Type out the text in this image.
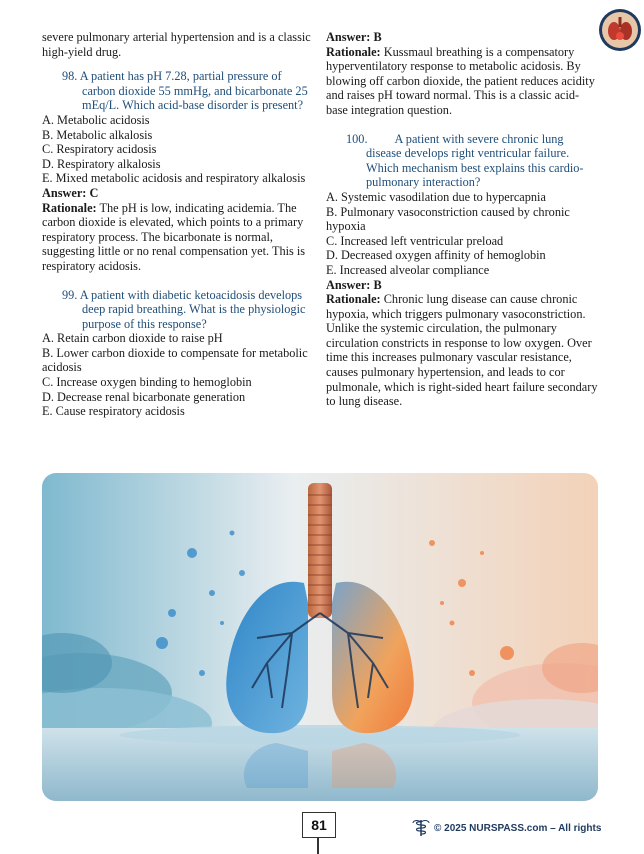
severe pulmonary arterial hypertension and is a classic high-yield drug.

98. A patient has pH 7.28, partial pressure of carbon dioxide 55 mmHg, and bicarbonate 25 mEq/L. Which acid-base disorder is present?

A. Metabolic acidosis

B. Metabolic alkalosis

C. Respiratory acidosis

D. Respiratory alkalosis

E. Mixed metabolic acidosis and respiratory alkalosis

Answer: C

Rationale: The pH is low, indicating acidemia. The carbon dioxide is elevated, which points to a primary respiratory process. The bicarbonate is normal, suggesting little or no renal compensation yet. This is respiratory acidosis.

99. A patient with diabetic ketoacidosis develops deep rapid breathing. What is the physiologic purpose of this response?

A. Retain carbon dioxide to raise pH

B. Lower carbon dioxide to compensate for metabolic acidosis

C. Increase oxygen binding to hemoglobin

D. Decrease renal bicarbonate generation

E. Cause respiratory acidosis

Answer: B

Rationale: Kussmaul breathing is a compensatory hyperventilatory response to metabolic acidosis. By blowing off carbon dioxide, the patient reduces acidity and raises pH toward normal. This is a classic acid-base integration question.

100. A patient with severe chronic lung disease develops right ventricular failure. Which mechanism best explains this cardio-pulmonary interaction?

A. Systemic vasodilation due to hypercapnia

B. Pulmonary vasoconstriction caused by chronic hypoxia

C. Increased left ventricular preload

D. Decreased oxygen affinity of hemoglobin

E. Increased alveolar compliance

Answer: B

Rationale: Chronic lung disease can cause chronic hypoxia, which triggers pulmonary vasoconstriction. Unlike the systemic circulation, the pulmonary circulation constricts in response to low oxygen. Over time this increases pulmonary vascular resistance, causes pulmonary hypertension, and leads to cor pulmonale, which is right-sided heart failure secondary to lung disease.

81	© 2025 NURSPASS.com – All rights
